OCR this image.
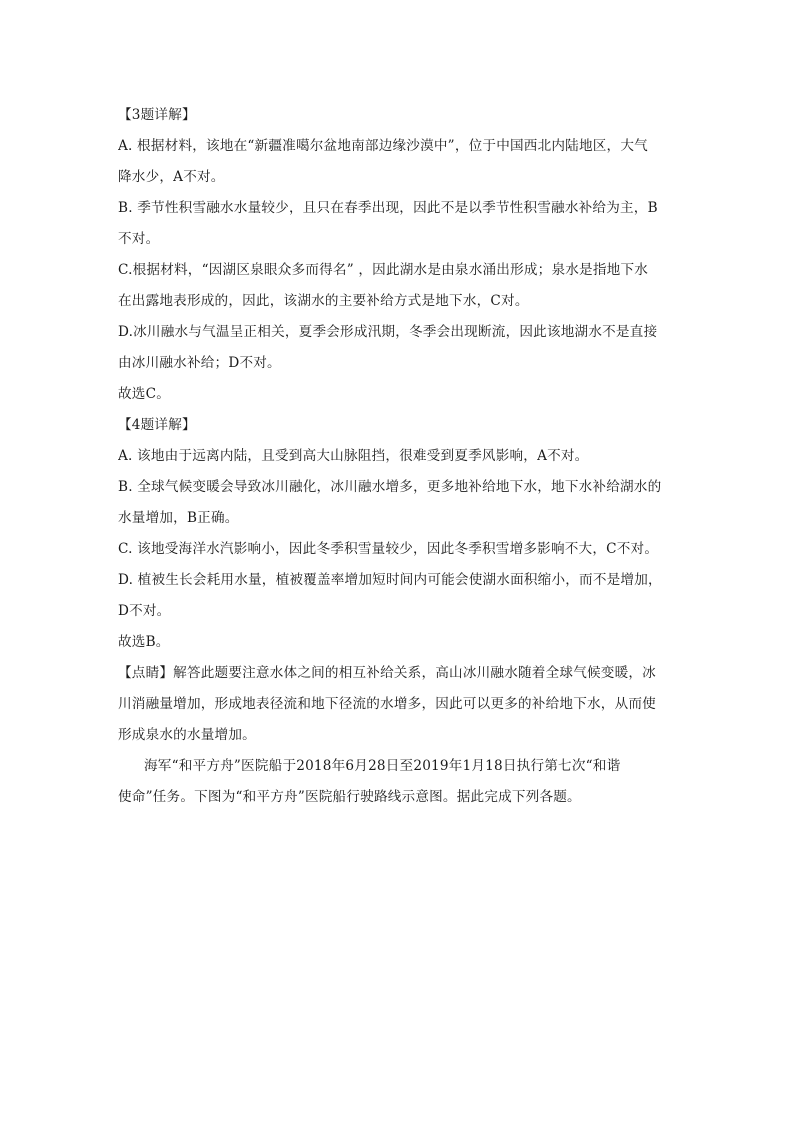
【3题详解】
A. 根据材料，该地在“新疆准噶尔盆地南部边缘沙漠中”，位于中国西北内陆地区，大气
降水少，A不对。
B. 季节性积雪融水水量较少，且只在春季出现，因此不是以季节性积雪融水补给为主，B
不对。
C.根据材料，“因湖区泉眼众多而得名” ，因此湖水是由泉水涌出形成；泉水是指地下水
在出露地表形成的，因此，该湖水的主要补给方式是地下水，C对。
D.冰川融水与气温呈正相关，夏季会形成汛期，冬季会出现断流，因此该地湖水不是直接
由冰川融水补给；D不对。
故选C。
【4题详解】
A. 该地由于远离内陆，且受到高大山脉阻挡，很难受到夏季风影响，A不对。
B. 全球气候变暖会导致冰川融化，冰川融水增多，更多地补给地下水，地下水补给湖水的
水量增加，B正确。
C. 该地受海洋水汽影响小，因此冬季积雪量较少，因此冬季积雪增多影响不大，C不对。
D. 植被生长会耗用水量，植被覆盖率增加短时间内可能会使湖水面积缩小，而不是增加，
D不对。
故选B。
【点睛】解答此题要注意水体之间的相互补给关系，高山冰川融水随着全球气候变暖，冰
川消融量增加，形成地表径流和地下径流的水增多，因此可以更多的补给地下水，从而使
形成泉水的水量增加。
海军“和平方舟”医院船于2018年6月28日至2019年1月18日执行第七次“和谐
使命”任务。下图为“和平方舟”医院船行驶路线示意图。据此完成下列各题。
